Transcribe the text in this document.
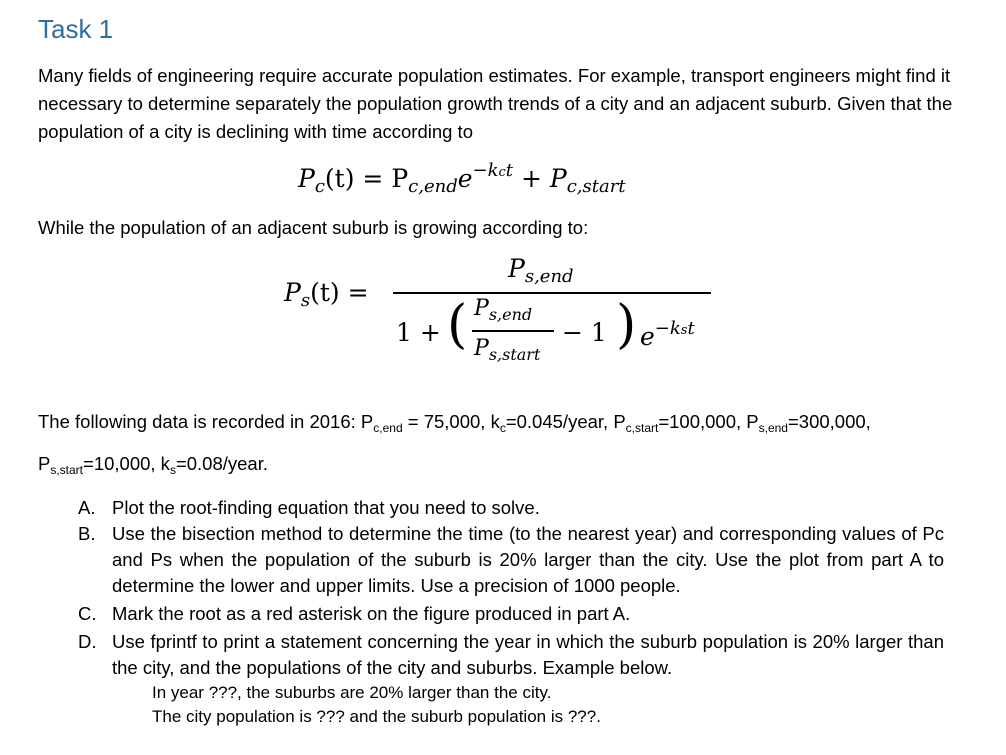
Task 1
Many fields of engineering require accurate population estimates. For example, transport engineers might find it necessary to determine separately the population growth trends of a city and an adjacent suburb. Given that the population of a city is declining with time according to
$P_c(t) = P_{c,end}e^{-kct} + P_{c,start}$
While the population of an adjacent suburb is growing according to:
$P_s(t)$ =
$P_{s,end}$
1 + ( $P_{s,end}$
$P_{s,start}$
− 1 ) $e^{-kst}$
The following data is recorded in 2016: $P_{c,end} = 75,000$, $k_c=0.045$/year, $P_{c,start}=100,000$, $P_{s,end}=300,000$,
$P_{s,start}=10,000$, $k_s=0.08$/year.
A. Plot the root-finding equation that you need to solve.
B. Use the bisection method to determine the time (to the nearest year) and corresponding values of Pc and Ps when the population of the suburb is 20% larger than the city. Use the plot from part A to determine the lower and upper limits. Use a precision of 1000 people.
C. Mark the root as a red asterisk on the figure produced in part A.
D. Use fprintf to print a statement concerning the year in which the suburb population is 20% larger than the city, and the populations of the city and suburbs. Example below.
In year ???, the suburbs are 20% larger than the city.
The city population is ??? and the suburb population is ???.
